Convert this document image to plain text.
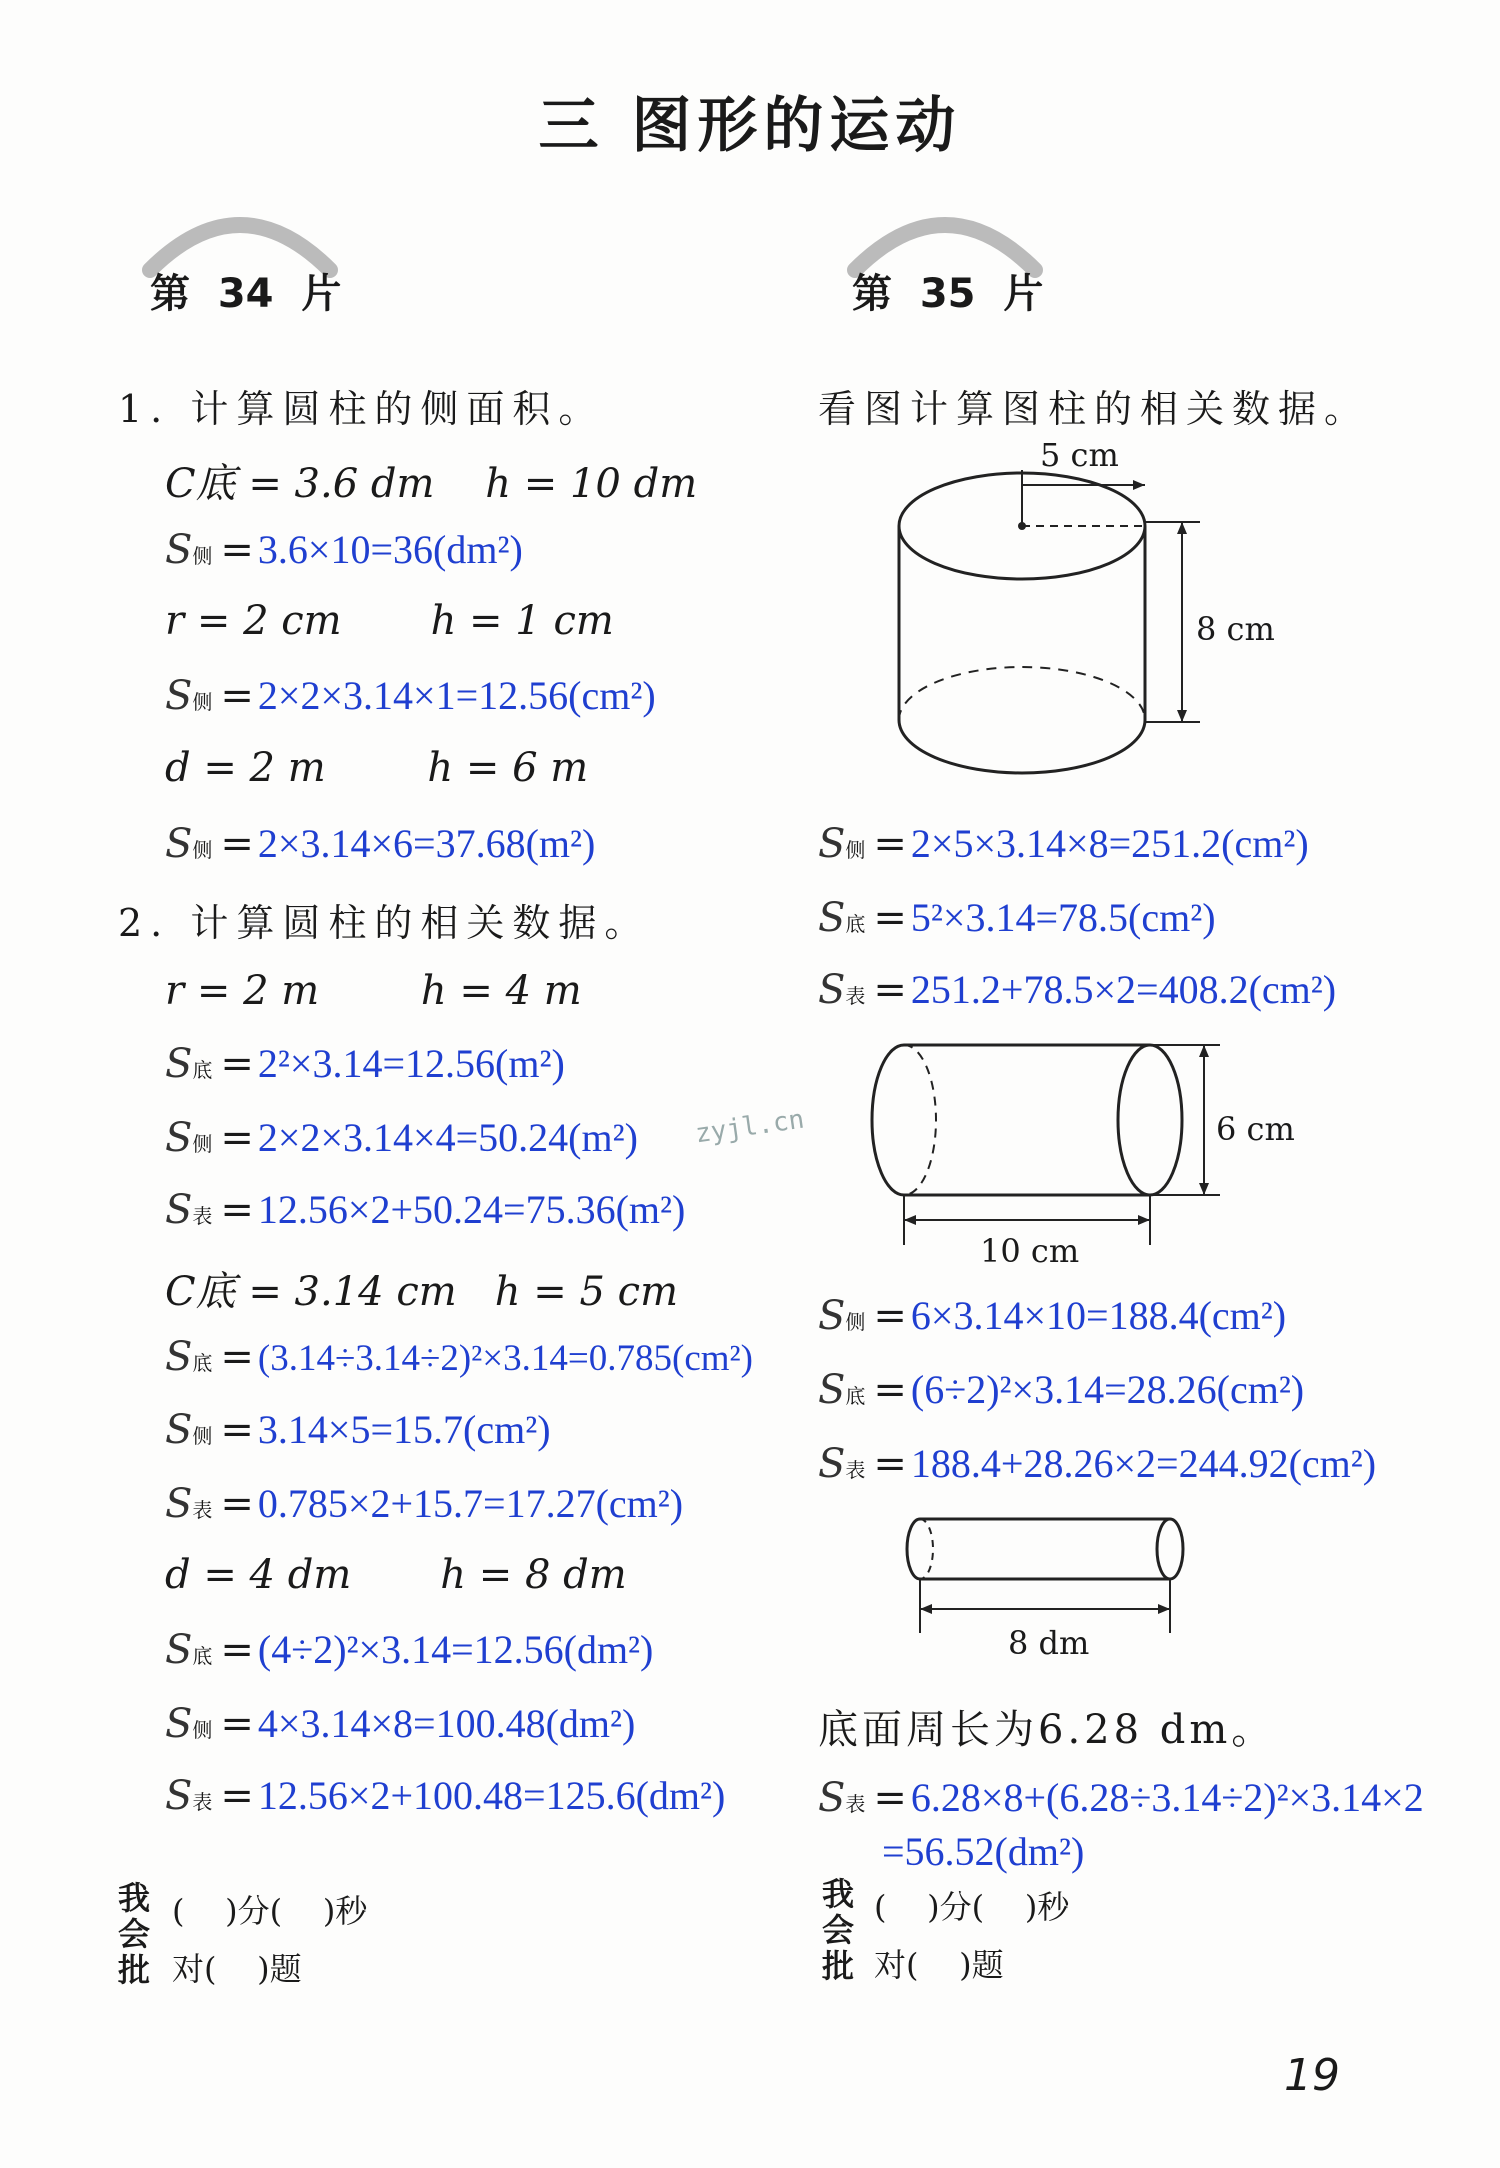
三 图形的运动
第  34  片	第  35  片
1. 计算圆柱的侧面积。
C底 = 3.6 dm    h = 10 dm
S 侧 = 3.6×10=36(dm²)
r = 2 cm       h = 1 cm
S 侧 = 2×2×3.14×1=12.56(cm²)
d = 2 m        h = 6 m
S 侧 = 2×3.14×6=37.68(m²)
2. 计算圆柱的相关数据。
r = 2 m        h = 4 m
S 底 = 2²×3.14=12.56(m²)
S 侧 = 2×2×3.14×4=50.24(m²)
S 表 = 12.56×2+50.24=75.36(m²)
C底 = 3.14 cm   h = 5 cm
S 底 = (3.14÷3.14÷2)²×3.14=0.785(cm²)
S 侧 = 3.14×5=15.7(cm²)
S 表 = 0.785×2+15.7=17.27(cm²)
d = 4 dm       h = 8 dm
S 底 = (4÷2)²×3.14=12.56(dm²)
S 侧 = 4×3.14×8=100.48(dm²)
S 表 = 12.56×2+100.48=125.6(dm²)
我
会
批
(    )分(    )秒
对(    )题
zyjl.cn
看图计算图柱的相关数据。
5 cm
8 cm
S 侧 = 2×5×3.14×8=251.2(cm²)
S 底 = 5²×3.14=78.5(cm²)
S 表 = 251.2+78.5×2=408.2(cm²)
6 cm
10 cm
S 侧 = 6×3.14×10=188.4(cm²)
S 底 = (6÷2)²×3.14=28.26(cm²)
S 表 = 188.4+28.26×2=244.92(cm²)
8 dm
底面周长为6.28 dm。
S 表 = 6.28×8+(6.28÷3.14÷2)²×3.14×2
=56.52(dm²)
我
会
批
(    )分(    )秒
对(    )题
19
